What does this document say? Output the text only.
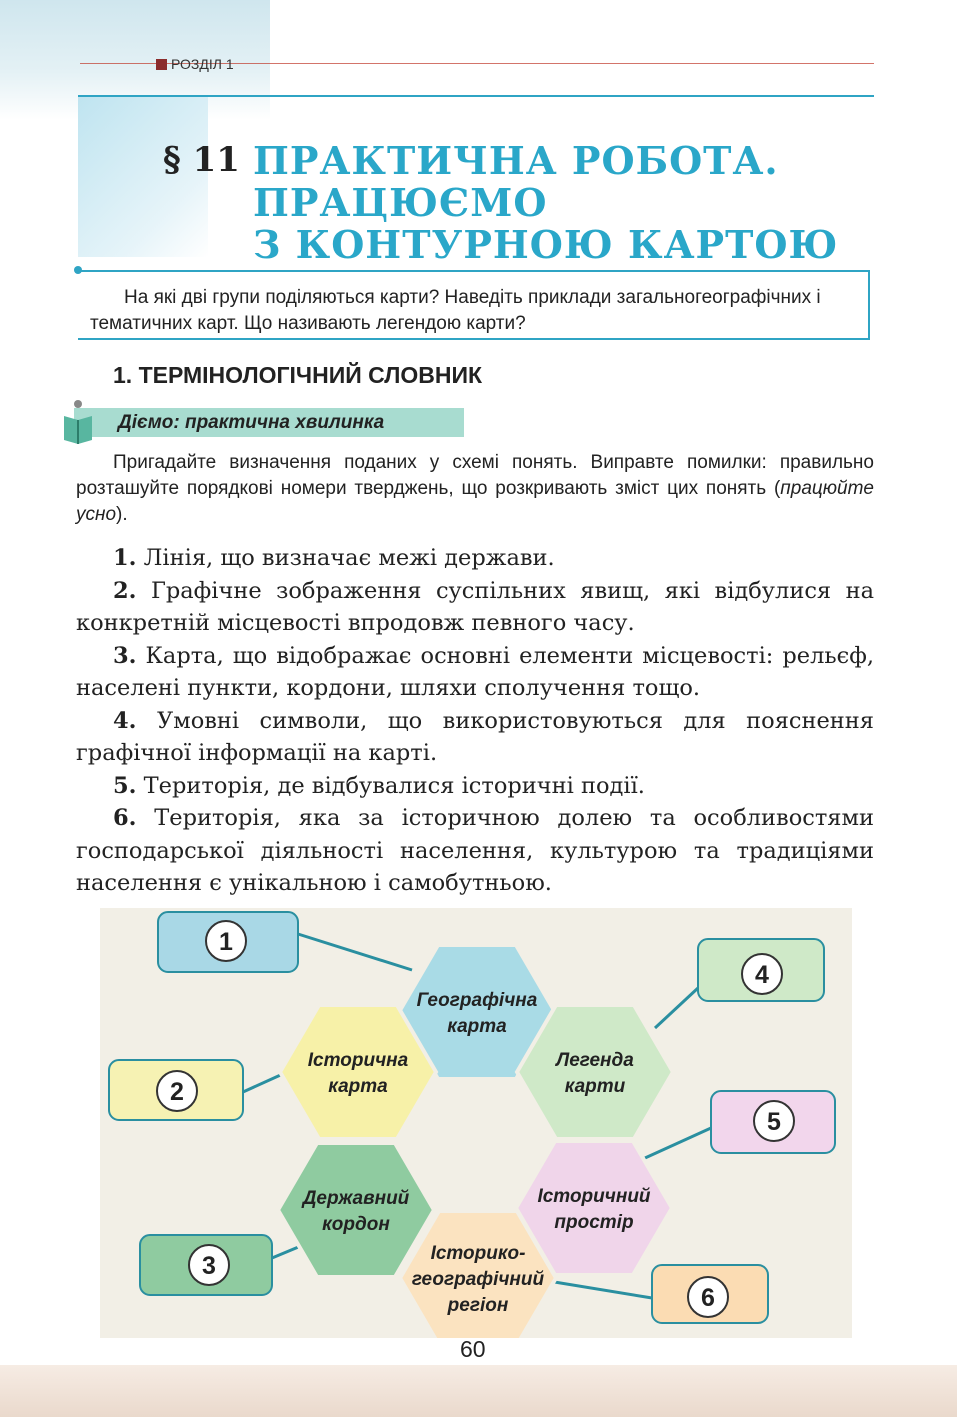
РОЗДІЛ 1
§ 11 ПРАКТИЧНА РОБОТА.
ПРАЦЮЄМО
З КОНТУРНОЮ КАРТОЮ
На які дві групи поділяються карти? Наведіть приклади загальногеографічних і тематичних карт. Що називають легендою карти?
1. ТЕРМІНОЛОГІЧНИЙ СЛОВНИК
Діємо: практична хвилинка
Пригадайте визначення поданих у схемі понять. Виправте помилки: правильно розташуйте порядкові номери тверджень, що розкривають зміст цих понять (працюйте усно).

1. Лінія, що визначає межі держави.

2. Графічне зображення суспільних явищ, які відбулися на конкретній місцевості впродовж певного часу.

3. Карта, що відображає основні елементи місцевості: рельєф, населені пункти, кордони, шляхи сполучення тощо.

4. Умовні символи, що використовуються для пояснення графічної інформації на карті.

5. Територія, де відбувалися історичні події.

6. Територія, яка за історичною долею та особливостями господарської діяльності населення, культурою та традиціями населення є унікальною і самобутньою.

1
2
3
4
5
6
Географічна
карта
Історична
карта
Легенда
карти
Державний
кордон
Історичний
простір
Історико-
географічний
регіон
60
